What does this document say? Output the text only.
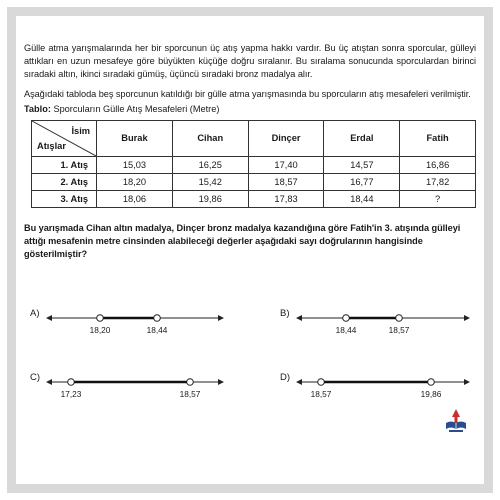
Gülle atma yarışmalarında her bir sporcunun üç atış yapma hakkı vardır. Bu üç atıştan sonra sporcular, gülleyi attıkları en uzun mesafeye göre büyükten küçüğe doğru sıralanır. Bu sıralama sonucunda sporculardan birinci sıradaki altın, ikinci sıradaki gümüş, üçüncü sıradaki bronz madalya alır.

Aşağıdaki tabloda beş sporcunun katıldığı bir gülle atma yarışmasında bu sporcuların atış mesafeleri verilmiştir.

Tablo: Sporcuların Gülle Atış Mesafeleri (Metre)

İsim
Atışlar	Burak	Cihan	Dinçer	Erdal	Fatih
1. Atış	15,03	16,25	17,40	14,57	16,86
2. Atış	18,20	15,42	18,57	16,77	17,82
3. Atış	18,06	19,86	17,83	18,44	?

Bu yarışmada Cihan altın madalya, Dinçer bronz madalya kazandığına göre Fatih'in 3. atışında gülleyi attığı mesafenin metre cinsinden alabileceği değerler aşağıdaki sayı doğrularının hangisinde gösterilmiştir?

A)
18,20	18,44
B)
18,44	18,57
C)
17,23	18,57
D)
18,57	19,86
